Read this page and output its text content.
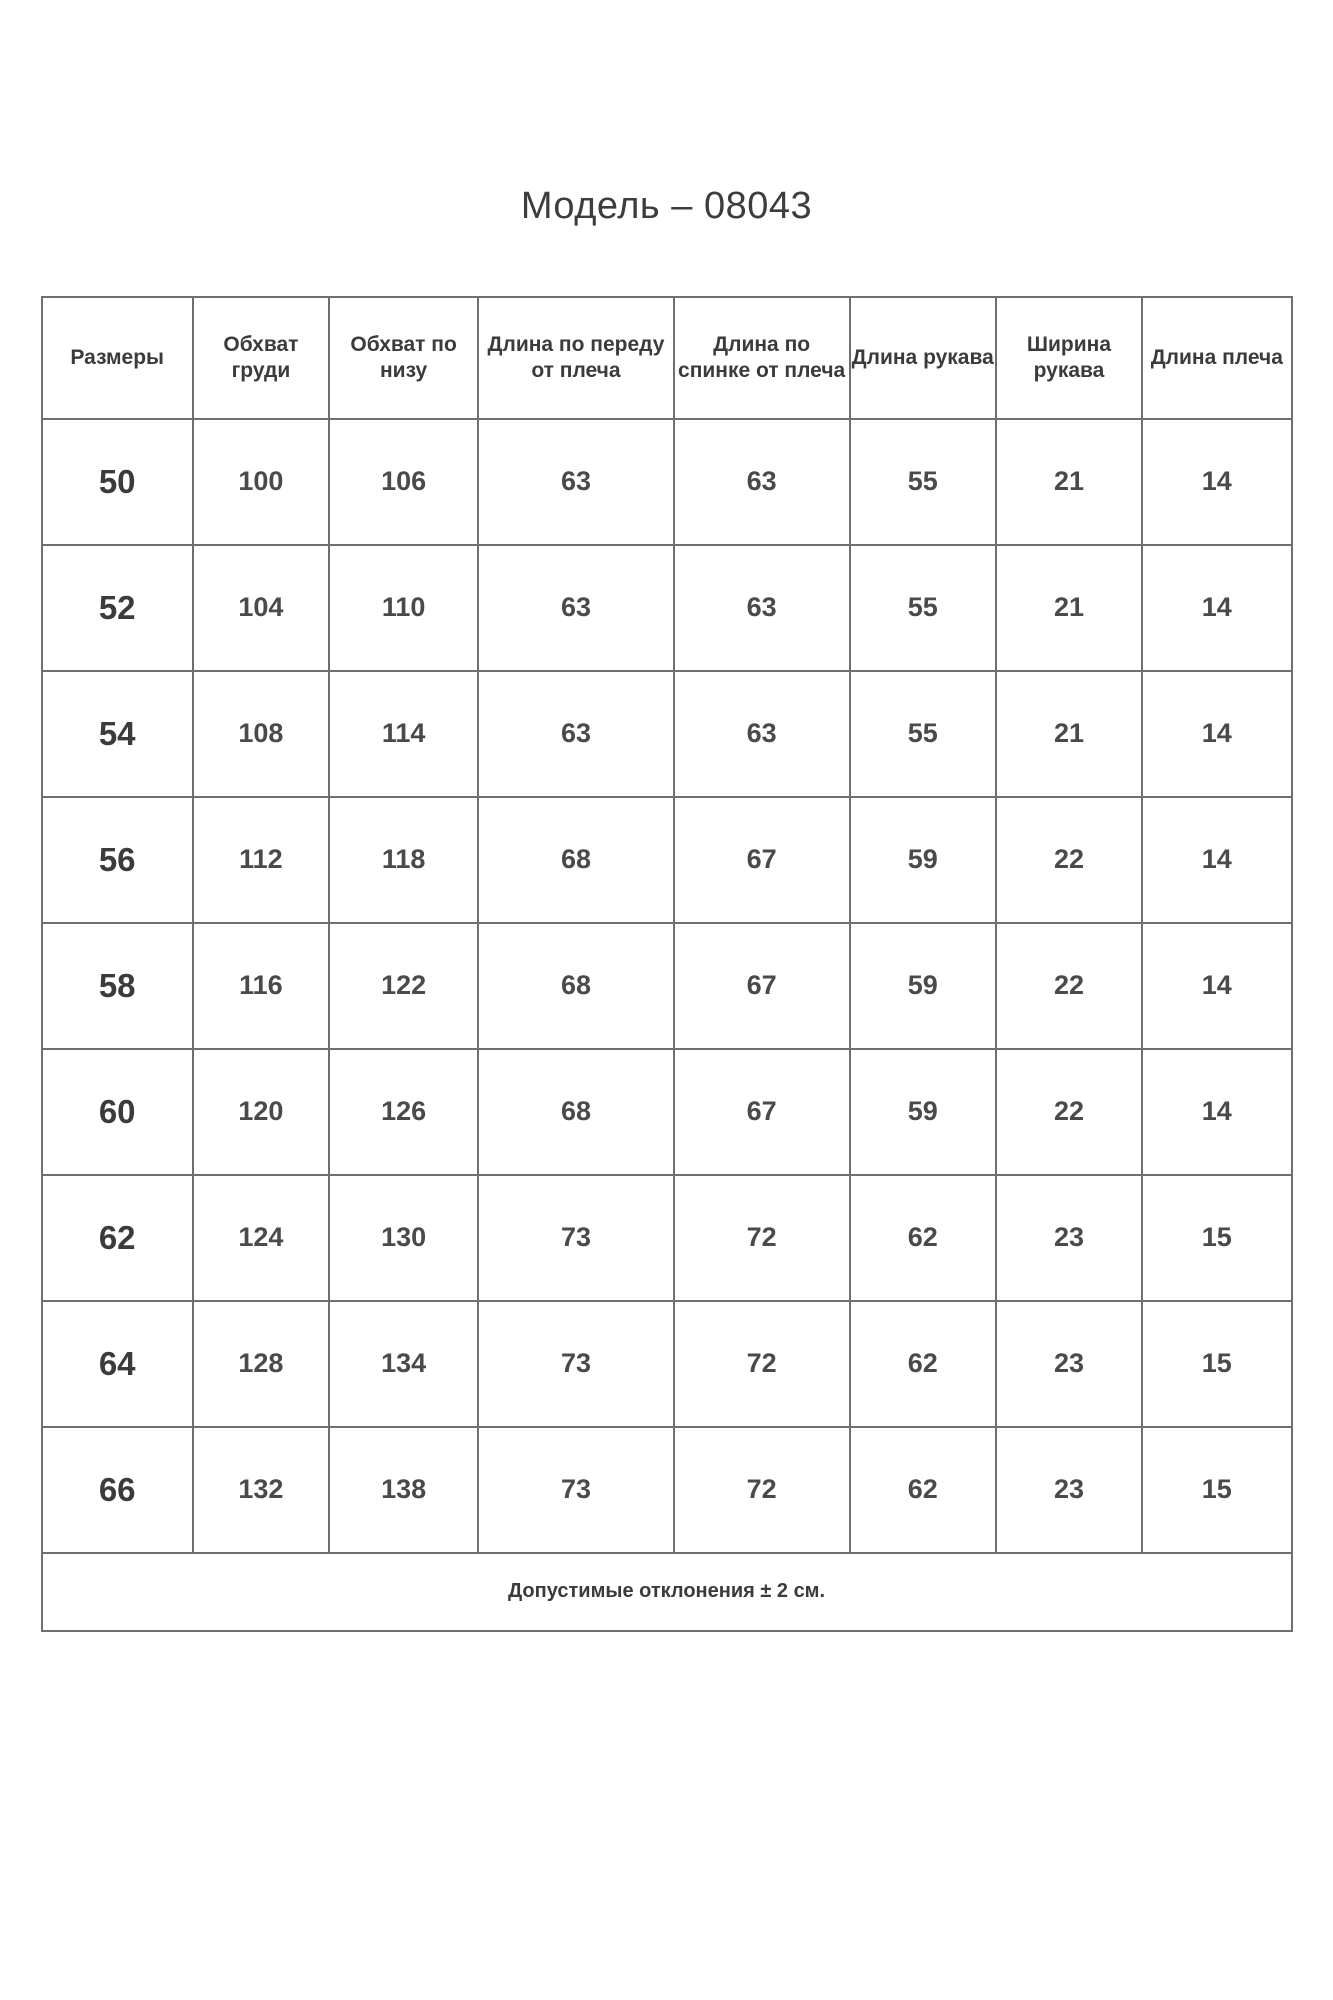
Модель – 08043
Размеры	Обхват груди	Обхват по низу	Длина по переду от плеча	Длина по спинке от плеча	Длина рукава	Ширина рукава	Длина плеча
50	100	106	63	63	55	21	14
52	104	110	63	63	55	21	14
54	108	114	63	63	55	21	14
56	112	118	68	67	59	22	14
58	116	122	68	67	59	22	14
60	120	126	68	67	59	22	14
62	124	130	73	72	62	23	15
64	128	134	73	72	62	23	15
66	132	138	73	72	62	23	15
Допустимые отклонения ± 2 см.							
